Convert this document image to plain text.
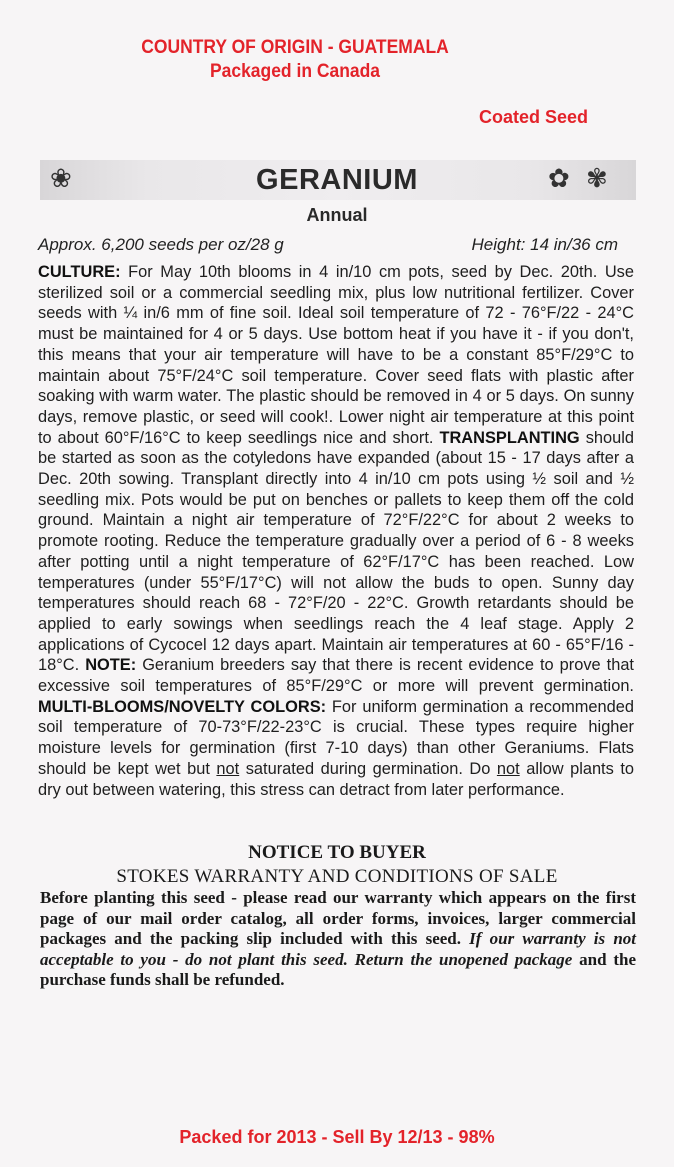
COUNTRY OF ORIGIN - GUATEMALA
Packaged in Canada
Coated Seed
❀	✿ ✾
GERANIUM
Annual
Approx. 6,200 seeds per oz/28 g	Height: 14 in/36 cm
CULTURE: For May 10th blooms in 4 in/10 cm pots, seed by Dec. 20th. Use sterilized soil or a commercial seedling mix, plus low nutritional fertilizer. Cover seeds with ¼ in/6 mm of fine soil. Ideal soil temperature of 72 - 76°F/22 - 24°C must be maintained for 4 or 5 days. Use bottom heat if you have it - if you don't, this means that your air temperature will have to be a constant 85°F/29°C to maintain about 75°F/24°C soil temperature. Cover seed flats with plastic after soaking with warm water. The plastic should be removed in 4 or 5 days. On sunny days, remove plastic, or seed will cook!. Lower night air temperature at this point to about 60°F/16°C to keep seedlings nice and short. TRANSPLANTING should be started as soon as the cotyledons have expanded (about 15 - 17 days after a Dec. 20th sowing. Transplant directly into 4 in/10 cm pots using ½ soil and ½ seedling mix. Pots would be put on benches or pallets to keep them off the cold ground. Maintain a night air temperature of 72°F/22°C for about 2 weeks to promote rooting. Reduce the temperature gradually over a period of 6 - 8 weeks after potting until a night temperature of 62°F/17°C has been reached. Low temperatures (under 55°F/17°C) will not allow the buds to open. Sunny day temperatures should reach 68 - 72°F/20 - 22°C. Growth retardants should be applied to early sowings when seedlings reach the 4 leaf stage. Apply 2 applications of Cycocel 12 days apart. Maintain air temperatures at 60 - 65°F/16 - 18°C. NOTE: Geranium breeders say that there is recent evidence to prove that excessive soil temperatures of 85°F/29°C or more will prevent germination. MULTI-BLOOMS/NOVELTY COLORS: For uniform germination a recommended soil temperature of 70-73°F/22-23°C is crucial. These types require higher moisture levels for germination (first 7-10 days) than other Geraniums. Flats should be kept wet but not saturated during germination. Do not allow plants to dry out between watering, this stress can detract from later performance.
NOTICE TO BUYER
STOKES WARRANTY AND CONDITIONS OF SALE
Before planting this seed - please read our warranty which appears on the first page of our mail order catalog, all order forms, invoices, larger commercial packages and the packing slip included with this seed. If our warranty is not acceptable to you - do not plant this seed. Return the unopened package and the purchase funds shall be refunded.
Packed for 2013 - Sell By 12/13 - 98%
